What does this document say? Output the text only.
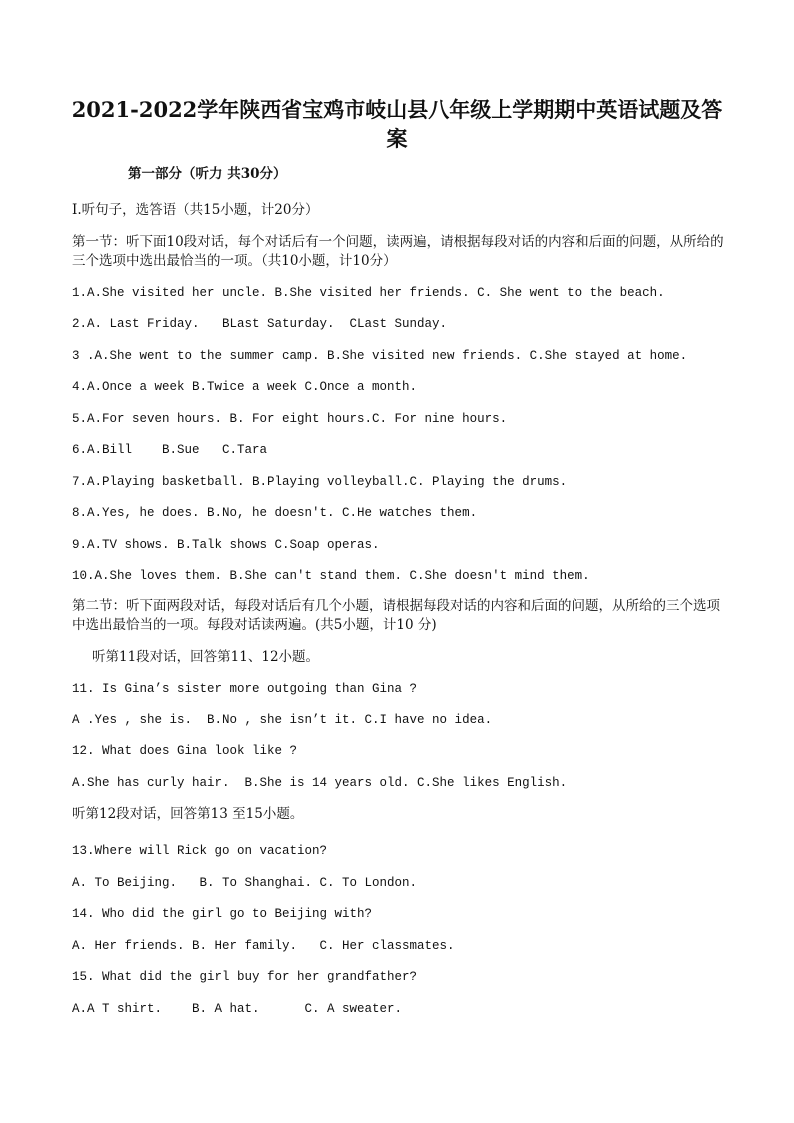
2021-2022学年陕西省宝鸡市岐山县八年级上学期期中英语试题及答
案
第一部分（听力 共30分）
I.听句子，选答语（共15小题，计20分）
第一节：听下面10段对话，每个对话后有一个问题，读两遍，请根据每段对话的内容和后面的问题，从所给的三个选项中选出最恰当的一项。（共10小题，计10分）
1.A.She visited her uncle. B.She visited her friends. C. She went to the beach.
2.A. Last Friday.   BLast Saturday.  CLast Sunday.
3 .A.She went to the summer camp. B.She visited new friends. C.She stayed at home.
4.A.Once a week B.Twice a week C.Once a month.
5.A.For seven hours. B. For eight hours.C. For nine hours.
6.A.Bill    B.Sue   C.Tara
7.A.Playing basketball. B.Playing volleyball.C. Playing the drums.
8.A.Yes, he does. B.No, he doesn't. C.He watches them.
9.A.TV shows. B.Talk shows C.Soap operas.
10.A.She loves them. B.She can't stand them. C.She doesn't mind them.
第二节：听下面两段对话，每段对话后有几个小题，请根据每段对话的内容和后面的问题，从所给的三个选项中选出最恰当的一项。每段对话读两遍。(共5小题，计10 分)
听第11段对话，回答第11、12小题。
11. Is Gina’s sister more outgoing than Gina ?
A .Yes , she is.  B.No , she isn’t it. C.I have no idea.
12. What does Gina look like ?
A.She has curly hair.  B.She is 14 years old. C.She likes English.
听第12段对话，回答第13 至15小题。
13.Where will Rick go on vacation?
A. To Beijing.   B. To Shanghai. C. To London.
14. Who did the girl go to Beijing with?
A. Her friends. B. Her family.   C. Her classmates.
15. What did the girl buy for her grandfather?
A.A T shirt.    B. A hat.      C. A sweater.
